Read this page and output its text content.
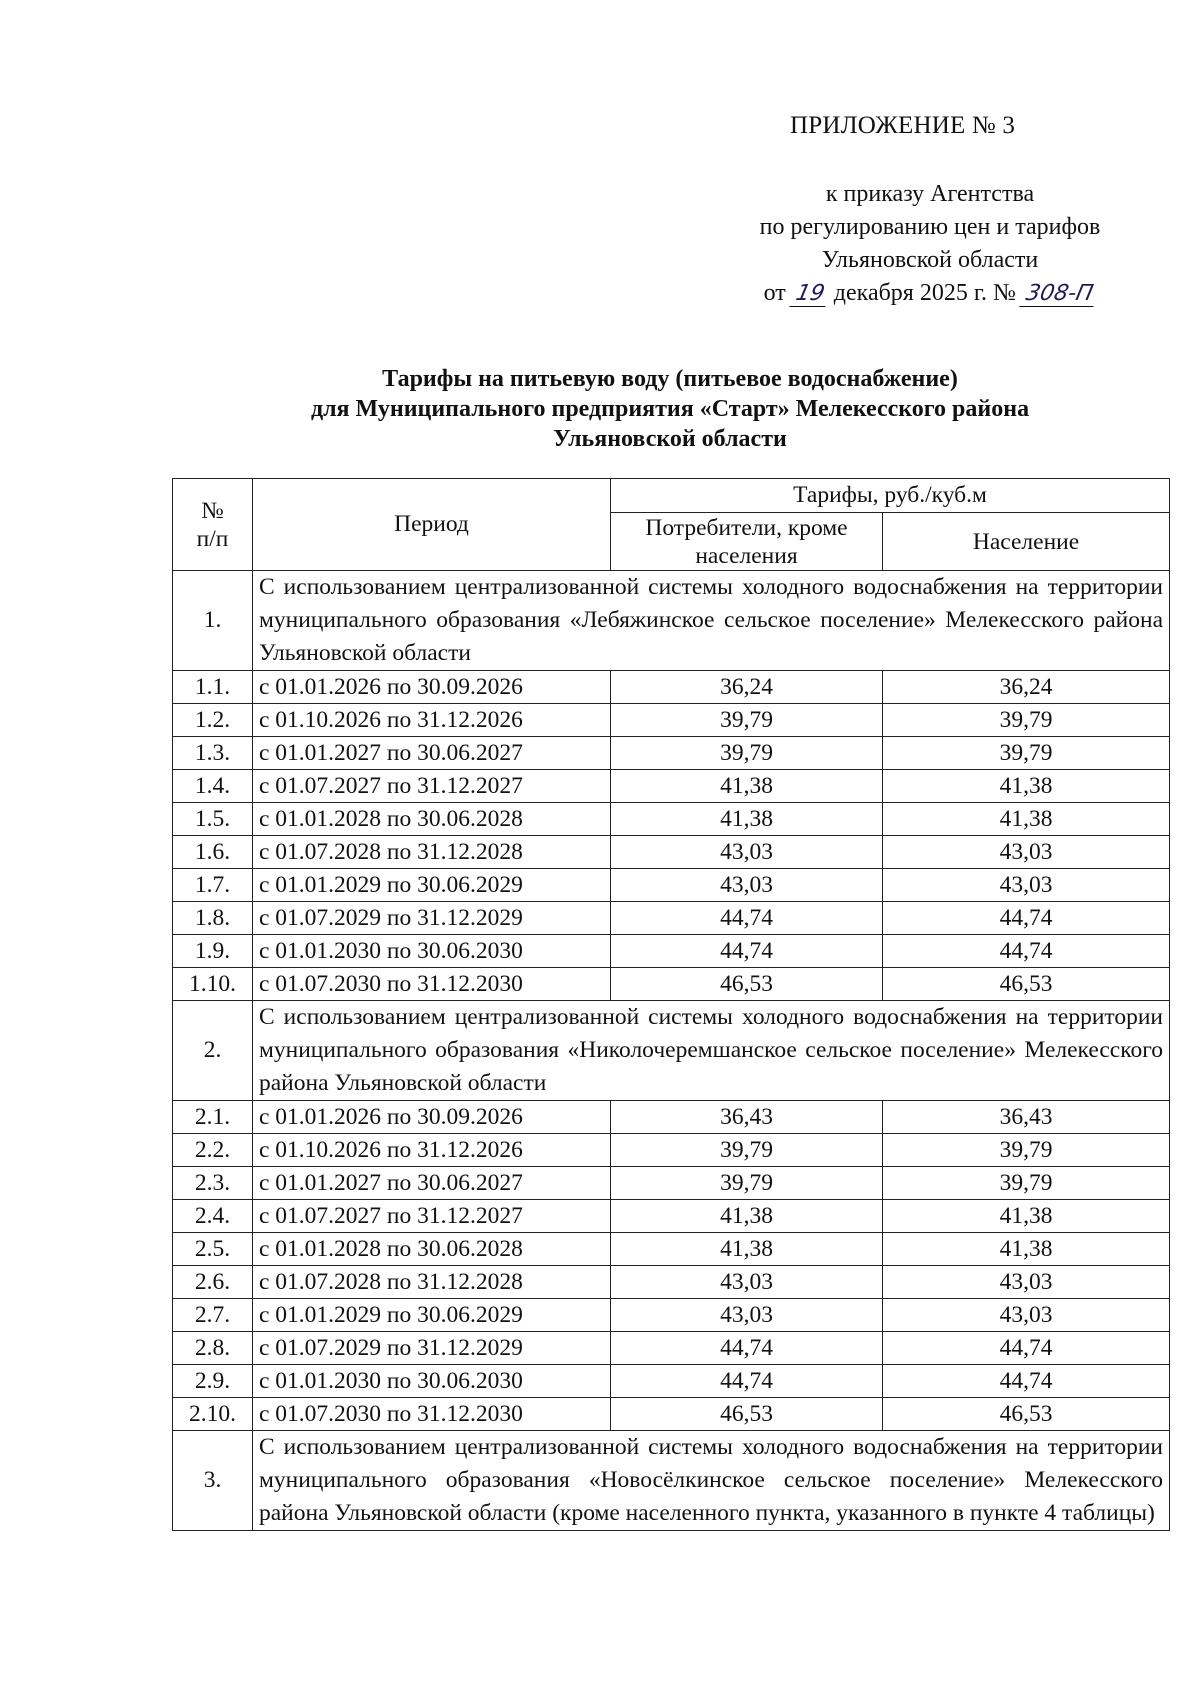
ПРИЛОЖЕНИЕ № 3
к приказу Агентства
по регулированию цен и тарифов
Ульяновской области
от 19 декабря 2025 г. № 308-П
Тарифы на питьевую воду (питьевое водоснабжение)
для Муниципального предприятия «Старт» Мелекесского района
Ульяновской области
№
п/п	Период	Тарифы, руб./куб.м	
		Потребители, кроме населения	Население
1.	С использованием централизованной системы холодного водоснабжения на территории муниципального образования «Лебяжинское сельское поселение» Мелекесского района Ульяновской области		

1.1.	с 01.01.2026 по 30.09.2026	36,24	36,24
1.2.	с 01.10.2026 по 31.12.2026	39,79	39,79
1.3.	с 01.01.2027 по 30.06.2027	39,79	39,79
1.4.	с 01.07.2027 по 31.12.2027	41,38	41,38
1.5.	с 01.01.2028 по 30.06.2028	41,38	41,38
1.6.	с 01.07.2028 по 31.12.2028	43,03	43,03
1.7.	с 01.01.2029 по 30.06.2029	43,03	43,03
1.8.	с 01.07.2029 по 31.12.2029	44,74	44,74
1.9.	с 01.01.2030 по 30.06.2030	44,74	44,74
1.10.	с 01.07.2030 по 31.12.2030	46,53	46,53
2.	С использованием централизованной системы холодного водоснабжения на территории муниципального образования «Николочеремшанское сельское поселение» Мелекесского района Ульяновской области		

2.1.	с 01.01.2026 по 30.09.2026	36,43	36,43
2.2.	с 01.10.2026 по 31.12.2026	39,79	39,79
2.3.	с 01.01.2027 по 30.06.2027	39,79	39,79
2.4.	с 01.07.2027 по 31.12.2027	41,38	41,38
2.5.	с 01.01.2028 по 30.06.2028	41,38	41,38
2.6.	с 01.07.2028 по 31.12.2028	43,03	43,03
2.7.	с 01.01.2029 по 30.06.2029	43,03	43,03
2.8.	с 01.07.2029 по 31.12.2029	44,74	44,74
2.9.	с 01.01.2030 по 30.06.2030	44,74	44,74
2.10.	с 01.07.2030 по 31.12.2030	46,53	46,53
3.	С использованием централизованной системы холодного водоснабжения на территории муниципального образования «Новосёлкинское сельское поселение» Мелекесского района Ульяновской области (кроме населенного пункта, указанного в пункте 4 таблицы)		
